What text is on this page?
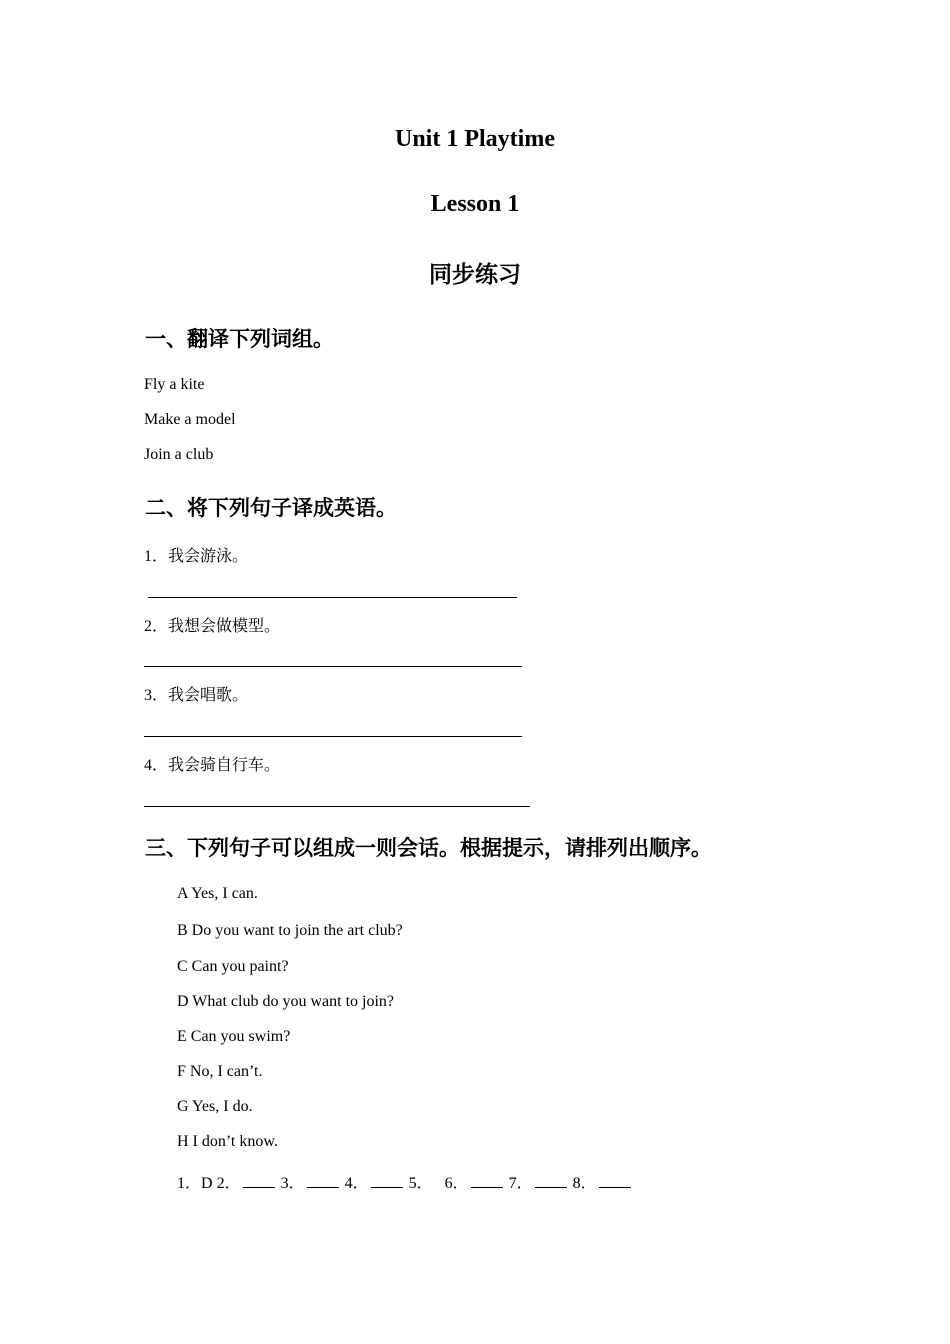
Unit 1 Playtime
Lesson 1
同步练习
一、翻译下列词组。
Fly a kite
Make a model
Join a club
二、将下列句子译成英语。
1．我会游泳。
2．我想会做模型。
3．我会唱歌。
4．我会骑自行车。
三、下列句子可以组成一则会话。根据提示，请排列出顺序。
A Yes, I can.
B Do you want to join the art club?
C Can you paint?
D What club do you want to join?
E Can you swim?
F No, I can’t.
G Yes, I do.
H I don’t know.
1．D 2．	3．	4．	5． 6．	7．	8．
